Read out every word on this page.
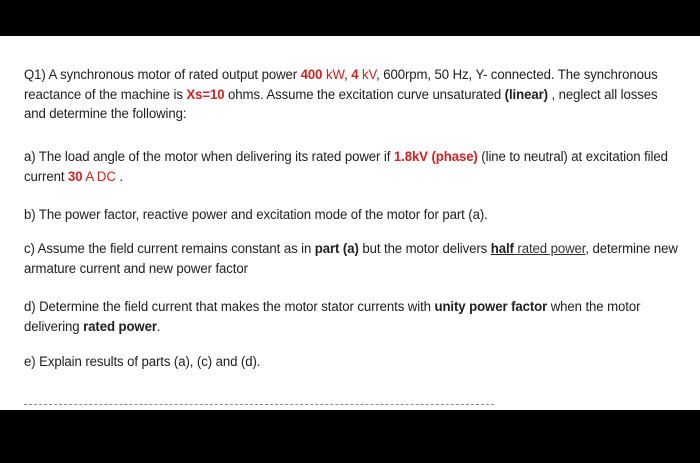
Q1) A synchronous motor of rated output power 400 kW, 4 kV, 600rpm, 50 Hz, Y- connected. The synchronous reactance of the machine is Xs=10 ohms. Assume the excitation curve unsaturated (linear) , neglect all losses and determine the following:
a) The load angle of the motor when delivering its rated power if 1.8kV (phase) (line to neutral) at excitation filed current 30 A DC .
b) The power factor, reactive power and excitation mode of the motor for part (a).
c) Assume the field current remains constant as in part (a) but the motor delivers half rated power, determine new armature current and new power factor
d) Determine the field current that makes the motor stator currents with unity power factor when the motor delivering rated power.
e) Explain results of parts (a), (c) and (d).
